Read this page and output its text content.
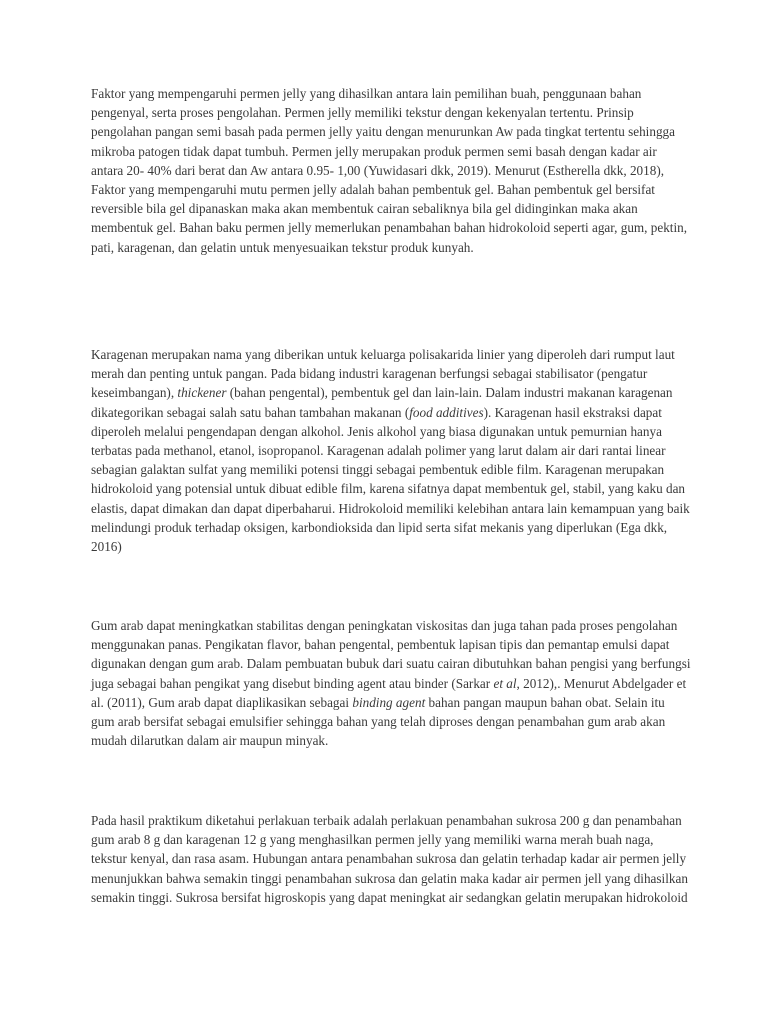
Faktor yang mempengaruhi permen jelly yang dihasilkan antara lain pemilihan buah, penggunaan bahan pengenyal, serta proses pengolahan. Permen jelly memiliki tekstur dengan kekenyalan tertentu. Prinsip pengolahan pangan semi basah pada permen jelly yaitu dengan menurunkan Aw pada tingkat tertentu sehingga mikroba patogen tidak dapat tumbuh. Permen jelly merupakan produk permen semi basah dengan kadar air antara 20- 40% dari berat dan Aw antara 0.95- 1,00 (Yuwidasari dkk, 2019). Menurut (Estherella dkk, 2018), Faktor yang mempengaruhi mutu permen jelly adalah bahan pembentuk gel. Bahan pembentuk gel bersifat reversible bila gel dipanaskan maka akan membentuk cairan sebaliknya bila gel didinginkan maka akan membentuk gel. Bahan baku permen jelly memerlukan penambahan bahan hidrokoloid seperti agar, gum, pektin, pati, karagenan, dan gelatin untuk menyesuaikan tekstur produk kunyah.

Karagenan merupakan nama yang diberikan untuk keluarga polisakarida linier yang diperoleh dari rumput laut merah dan penting untuk pangan. Pada bidang industri karagenan berfungsi sebagai stabilisator (pengatur keseimbangan), thickener (bahan pengental), pembentuk gel dan lain-lain. Dalam industri makanan karagenan dikategorikan sebagai salah satu bahan tambahan makanan (food additives). Karagenan hasil ekstraksi dapat diperoleh melalui pengendapan dengan alkohol. Jenis alkohol yang biasa digunakan untuk pemurnian hanya terbatas pada methanol, etanol, isopropanol. Karagenan adalah polimer yang larut dalam air dari rantai linear sebagian galaktan sulfat yang memiliki potensi tinggi sebagai pembentuk edible film. Karagenan merupakan hidrokoloid yang potensial untuk dibuat edible film, karena sifatnya dapat membentuk gel, stabil, yang kaku dan elastis, dapat dimakan dan dapat diperbaharui. Hidrokoloid memiliki kelebihan antara lain kemampuan yang baik melindungi produk terhadap oksigen, karbondioksida dan lipid serta sifat mekanis yang diperlukan (Ega dkk, 2016)

Gum arab dapat meningkatkan stabilitas dengan peningkatan viskositas dan juga tahan pada proses pengolahan menggunakan panas. Pengikatan flavor, bahan pengental, pembentuk lapisan tipis dan pemantap emulsi dapat digunakan dengan gum arab. Dalam pembuatan bubuk dari suatu cairan dibutuhkan bahan pengisi yang berfungsi juga sebagai bahan pengikat yang disebut binding agent atau binder (Sarkar et al, 2012),. Menurut Abdelgader et al. (2011), Gum arab dapat diaplikasikan sebagai binding agent bahan pangan maupun bahan obat. Selain itu gum arab bersifat sebagai emulsifier sehingga bahan yang telah diproses dengan penambahan gum arab akan mudah dilarutkan dalam air maupun minyak.

Pada hasil praktikum diketahui perlakuan terbaik adalah perlakuan penambahan sukrosa 200 g dan penambahan gum arab 8 g dan karagenan 12 g yang menghasilkan permen jelly yang memiliki warna merah buah naga, tekstur kenyal, dan rasa asam. Hubungan antara penambahan sukrosa dan gelatin terhadap kadar air permen jelly menunjukkan bahwa semakin tinggi penambahan sukrosa dan gelatin maka kadar air permen jell yang dihasilkan semakin tinggi. Sukrosa bersifat higroskopis yang dapat meningkat air sedangkan gelatin merupakan hidrokoloid
